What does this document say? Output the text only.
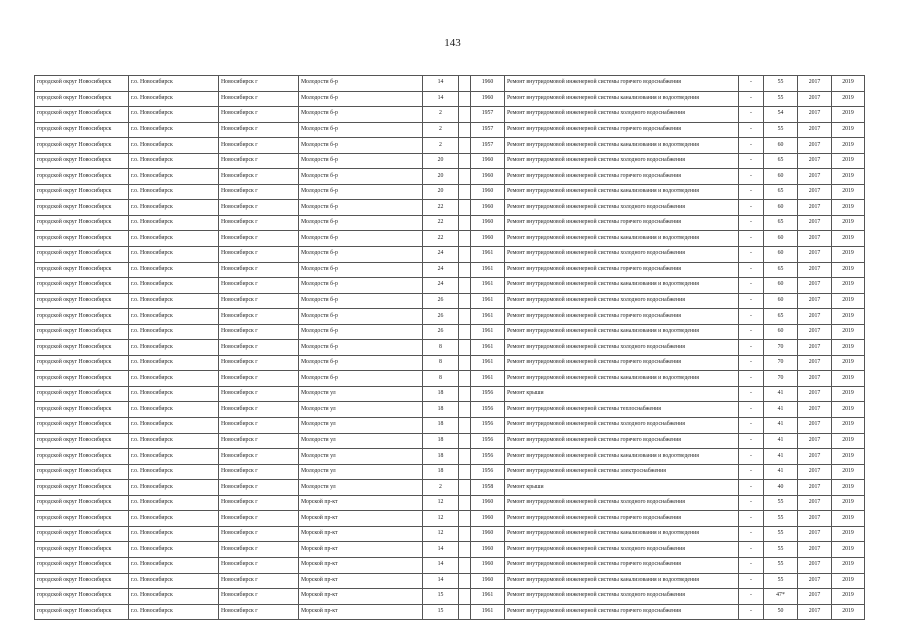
143
городской округ Новосибирск	г.о. Новосибирск	Новосибирск г	Молодости б-р	14		1960	Ремонт внутридомовой инженерной системы горячего водоснабжения	-	55	2017	2019
городской округ Новосибирск	г.о. Новосибирск	Новосибирск г	Молодости б-р	14		1960	Ремонт внутридомовой инженерной системы канализования и водоотведения	-	55	2017	2019
городской округ Новосибирск	г.о. Новосибирск	Новосибирск г	Молодости б-р	2		1957	Ремонт внутридомовой инженерной системы холодного водоснабжения	-	54	2017	2019
городской округ Новосибирск	г.о. Новосибирск	Новосибирск г	Молодости б-р	2		1957	Ремонт внутридомовой инженерной системы горячего водоснабжения	-	55	2017	2019
городской округ Новосибирск	г.о. Новосибирск	Новосибирск г	Молодости б-р	2		1957	Ремонт внутридомовой инженерной системы канализования и водоотведения	-	60	2017	2019
городской округ Новосибирск	г.о. Новосибирск	Новосибирск г	Молодости б-р	20		1960	Ремонт внутридомовой инженерной системы холодного водоснабжения	-	65	2017	2019
городской округ Новосибирск	г.о. Новосибирск	Новосибирск г	Молодости б-р	20		1960	Ремонт внутридомовой инженерной системы горячего водоснабжения	-	60	2017	2019
городской округ Новосибирск	г.о. Новосибирск	Новосибирск г	Молодости б-р	20		1960	Ремонт внутридомовой инженерной системы канализования и водоотведения	-	65	2017	2019
городской округ Новосибирск	г.о. Новосибирск	Новосибирск г	Молодости б-р	22		1960	Ремонт внутридомовой инженерной системы холодного водоснабжения	-	60	2017	2019
городской округ Новосибирск	г.о. Новосибирск	Новосибирск г	Молодости б-р	22		1960	Ремонт внутридомовой инженерной системы горячего водоснабжения	-	65	2017	2019
городской округ Новосибирск	г.о. Новосибирск	Новосибирск г	Молодости б-р	22		1960	Ремонт внутридомовой инженерной системы канализования и водоотведения	-	60	2017	2019
городской округ Новосибирск	г.о. Новосибирск	Новосибирск г	Молодости б-р	24		1961	Ремонт внутридомовой инженерной системы холодного водоснабжения	-	60	2017	2019
городской округ Новосибирск	г.о. Новосибирск	Новосибирск г	Молодости б-р	24		1961	Ремонт внутридомовой инженерной системы горячего водоснабжения	-	65	2017	2019
городской округ Новосибирск	г.о. Новосибирск	Новосибирск г	Молодости б-р	24		1961	Ремонт внутридомовой инженерной системы канализования и водоотведения	-	60	2017	2019
городской округ Новосибирск	г.о. Новосибирск	Новосибирск г	Молодости б-р	26		1961	Ремонт внутридомовой инженерной системы холодного водоснабжения	-	60	2017	2019
городской округ Новосибирск	г.о. Новосибирск	Новосибирск г	Молодости б-р	26		1961	Ремонт внутридомовой инженерной системы горячего водоснабжения	-	65	2017	2019
городской округ Новосибирск	г.о. Новосибирск	Новосибирск г	Молодости б-р	26		1961	Ремонт внутридомовой инженерной системы канализования и водоотведения	-	60	2017	2019
городской округ Новосибирск	г.о. Новосибирск	Новосибирск г	Молодости б-р	8		1961	Ремонт внутридомовой инженерной системы холодного водоснабжения	-	70	2017	2019
городской округ Новосибирск	г.о. Новосибирск	Новосибирск г	Молодости б-р	8		1961	Ремонт внутридомовой инженерной системы горячего водоснабжения	-	70	2017	2019
городской округ Новосибирск	г.о. Новосибирск	Новосибирск г	Молодости б-р	8		1961	Ремонт внутридомовой инженерной системы канализования и водоотведения	-	70	2017	2019
городской округ Новосибирск	г.о. Новосибирск	Новосибирск г	Молодости ул	18		1956	Ремонт крыши	-	41	2017	2019
городской округ Новосибирск	г.о. Новосибирск	Новосибирск г	Молодости ул	18		1956	Ремонт внутридомовой инженерной системы теплоснабжения	-	41	2017	2019
городской округ Новосибирск	г.о. Новосибирск	Новосибирск г	Молодости ул	18		1956	Ремонт внутридомовой инженерной системы холодного водоснабжения	-	41	2017	2019
городской округ Новосибирск	г.о. Новосибирск	Новосибирск г	Молодости ул	18		1956	Ремонт внутридомовой инженерной системы горячего водоснабжения	-	41	2017	2019
городской округ Новосибирск	г.о. Новосибирск	Новосибирск г	Молодости ул	18		1956	Ремонт внутридомовой инженерной системы канализования и водоотведения	-	41	2017	2019
городской округ Новосибирск	г.о. Новосибирск	Новосибирск г	Молодости ул	18		1956	Ремонт внутридомовой инженерной системы электроснабжения	-	41	2017	2019
городской округ Новосибирск	г.о. Новосибирск	Новосибирск г	Молодости ул	2		1958	Ремонт крыши	-	40	2017	2019
городской округ Новосибирск	г.о. Новосибирск	Новосибирск г	Морской пр-кт	12		1960	Ремонт внутридомовой инженерной системы холодного водоснабжения	-	55	2017	2019
городской округ Новосибирск	г.о. Новосибирск	Новосибирск г	Морской пр-кт	12		1960	Ремонт внутридомовой инженерной системы горячего водоснабжения	-	55	2017	2019
городской округ Новосибирск	г.о. Новосибирск	Новосибирск г	Морской пр-кт	12		1960	Ремонт внутридомовой инженерной системы канализования и водоотведения	-	55	2017	2019
городской округ Новосибирск	г.о. Новосибирск	Новосибирск г	Морской пр-кт	14		1960	Ремонт внутридомовой инженерной системы холодного водоснабжения	-	55	2017	2019
городской округ Новосибирск	г.о. Новосибирск	Новосибирск г	Морской пр-кт	14		1960	Ремонт внутридомовой инженерной системы горячего водоснабжения	-	55	2017	2019
городской округ Новосибирск	г.о. Новосибирск	Новосибирск г	Морской пр-кт	14		1960	Ремонт внутридомовой инженерной системы канализования и водоотведения	-	55	2017	2019
городской округ Новосибирск	г.о. Новосибирск	Новосибирск г	Морской пр-кт	15		1961	Ремонт внутридомовой инженерной системы холодного водоснабжения	-	47*	2017	2019
городской округ Новосибирск	г.о. Новосибирск	Новосибирск г	Морской пр-кт	15		1961	Ремонт внутридомовой инженерной системы горячего водоснабжения	-	50	2017	2019
